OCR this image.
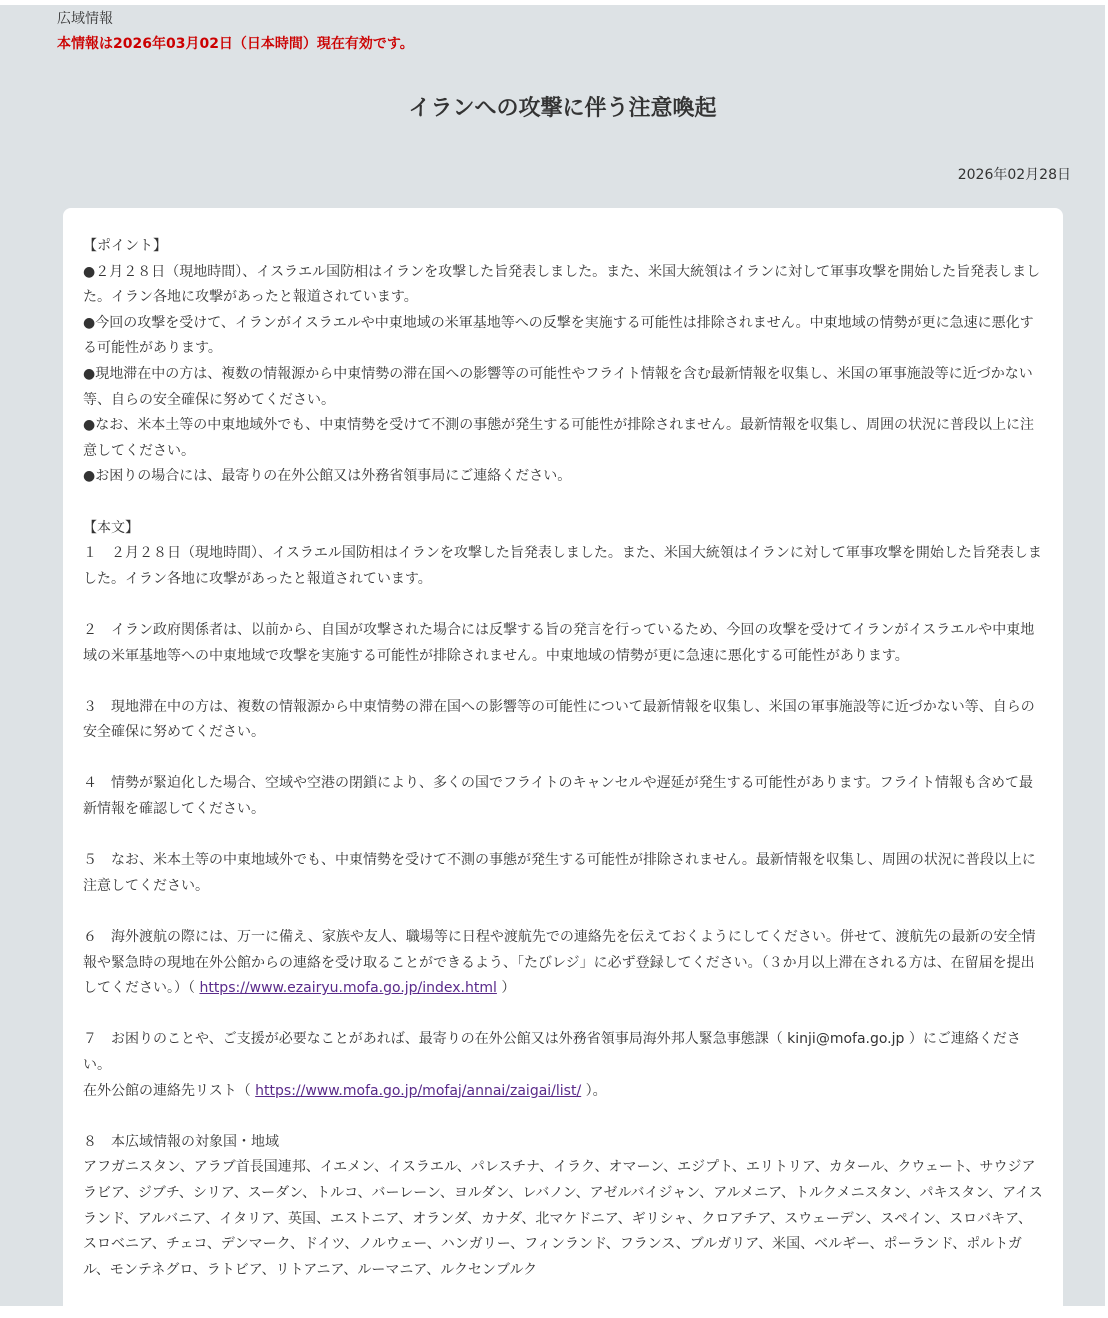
広域情報
本情報は2026年03月02日（日本時間）現在有効です。
イランへの攻撃に伴う注意喚起
2026年02月28日

【ポイント】

●２月２８日（現地時間）、イスラエル国防相はイランを攻撃した旨発表しました。また、米国大統領はイランに対して軍事攻撃を開始した旨発表しました。イラン各地に攻撃があったと報道されています。

●今回の攻撃を受けて、イランがイスラエルや中東地域の米軍基地等への反撃を実施する可能性は排除されません。中東地域の情勢が更に急速に悪化する可能性があります。

●現地滞在中の方は、複数の情報源から中東情勢の滞在国への影響等の可能性やフライト情報を含む最新情報を収集し、米国の軍事施設等に近づかない等、自らの安全確保に努めてください。

●なお、米本土等の中東地域外でも、中東情勢を受けて不測の事態が発生する可能性が排除されません。最新情報を収集し、周囲の状況に普段以上に注意してください。

●お困りの場合には、最寄りの在外公館又は外務省領事局にご連絡ください。

【本文】

１　２月２８日（現地時間）、イスラエル国防相はイランを攻撃した旨発表しました。また、米国大統領はイランに対して軍事攻撃を開始した旨発表しました。イラン各地に攻撃があったと報道されています。

２　イラン政府関係者は、以前から、自国が攻撃された場合には反撃する旨の発言を行っているため、今回の攻撃を受けてイランがイスラエルや中東地域の米軍基地等への中東地域で攻撃を実施する可能性が排除されません。中東地域の情勢が更に急速に悪化する可能性があります。

３　現地滞在中の方は、複数の情報源から中東情勢の滞在国への影響等の可能性について最新情報を収集し、米国の軍事施設等に近づかない等、自らの安全確保に努めてください。

４　情勢が緊迫化した場合、空域や空港の閉鎖により、多くの国でフライトのキャンセルや遅延が発生する可能性があります。フライト情報も含めて最新情報を確認してください。

５　なお、米本土等の中東地域外でも、中東情勢を受けて不測の事態が発生する可能性が排除されません。最新情報を収集し、周囲の状況に普段以上に注意してください。

６　海外渡航の際には、万一に備え、家族や友人、職場等に日程や渡航先での連絡先を伝えておくようにしてください。併せて、渡航先の最新の安全情報や緊急時の現地在外公館からの連絡を受け取ることができるよう、「たびレジ」に必ず登録してください。（３か月以上滞在される方は、在留届を提出してください。）（ https://www.ezairyu.mofa.go.jp/index.html ）

７　お困りのことや、ご支援が必要なことがあれば、最寄りの在外公館又は外務省領事局海外邦人緊急事態課（ kinji@mofa.go.jp ）にご連絡ください。

在外公館の連絡先リスト（ https://www.mofa.go.jp/mofaj/annai/zaigai/list/ ）。

８　本広域情報の対象国・地域

アフガニスタン、アラブ首長国連邦、イエメン、イスラエル、パレスチナ、イラク、オマーン、エジプト、エリトリア、カタール、クウェート、サウジアラビア、ジブチ、シリア、スーダン、トルコ、バーレーン、ヨルダン、レバノン、アゼルバイジャン、アルメニア、トルクメニスタン、パキスタン、アイスランド、アルバニア、イタリア、英国、エストニア、オランダ、カナダ、北マケドニア、ギリシャ、クロアチア、スウェーデン、スペイン、スロバキア、スロベニア、チェコ、デンマーク、ドイツ、ノルウェー、ハンガリー、フィンランド、フランス、ブルガリア、米国、ベルギー、ポーランド、ポルトガル、モンテネグロ、ラトビア、リトアニア、ルーマニア、ルクセンブルク
